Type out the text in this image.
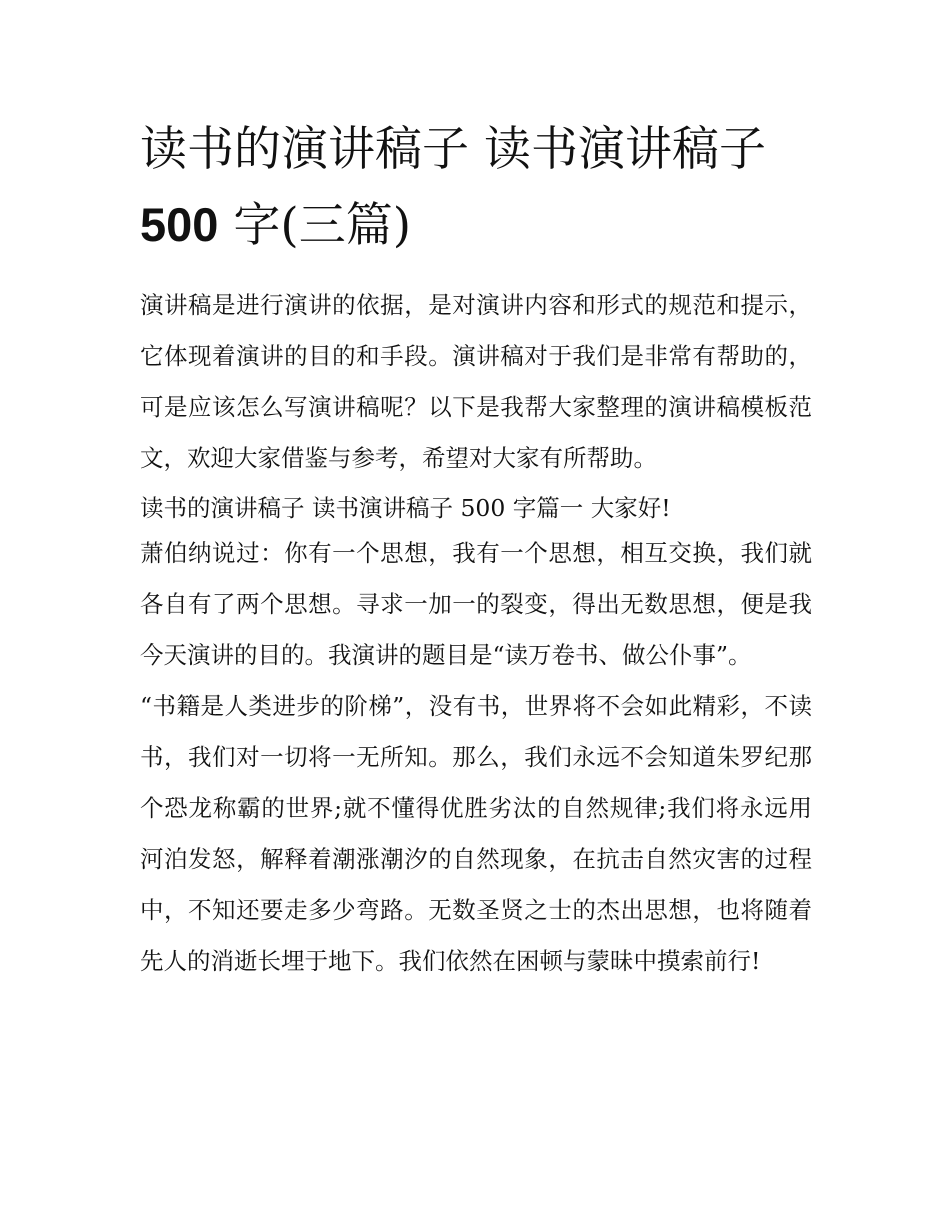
读书的演讲稿子 读书演讲稿子
500 字(三篇)

演讲稿是进行演讲的依据，是对演讲内容和形式的规范和提示，它体现着演讲的目的和手段。演讲稿对于我们是非常有帮助的，可是应该怎么写演讲稿呢？以下是我帮大家整理的演讲稿模板范文，欢迎大家借鉴与参考，希望对大家有所帮助。

读书的演讲稿子 读书演讲稿子 500 字篇一 大家好!

萧伯纳说过：你有一个思想，我有一个思想，相互交换，我们就各自有了两个思想。寻求一加一的裂变，得出无数思想，便是我今天演讲的目的。我演讲的题目是“读万卷书、做公仆事”。

“书籍是人类进步的阶梯”，没有书，世界将不会如此精彩，不读书，我们对一切将一无所知。那么，我们永远不会知道朱罗纪那个恐龙称霸的世界;就不懂得优胜劣汰的自然规律;我们将永远用河泊发怒，解释着潮涨潮汐的自然现象，在抗击自然灾害的过程中，不知还要走多少弯路。无数圣贤之士的杰出思想，也将随着先人的消逝长埋于地下。我们依然在困顿与蒙昧中摸索前行!
